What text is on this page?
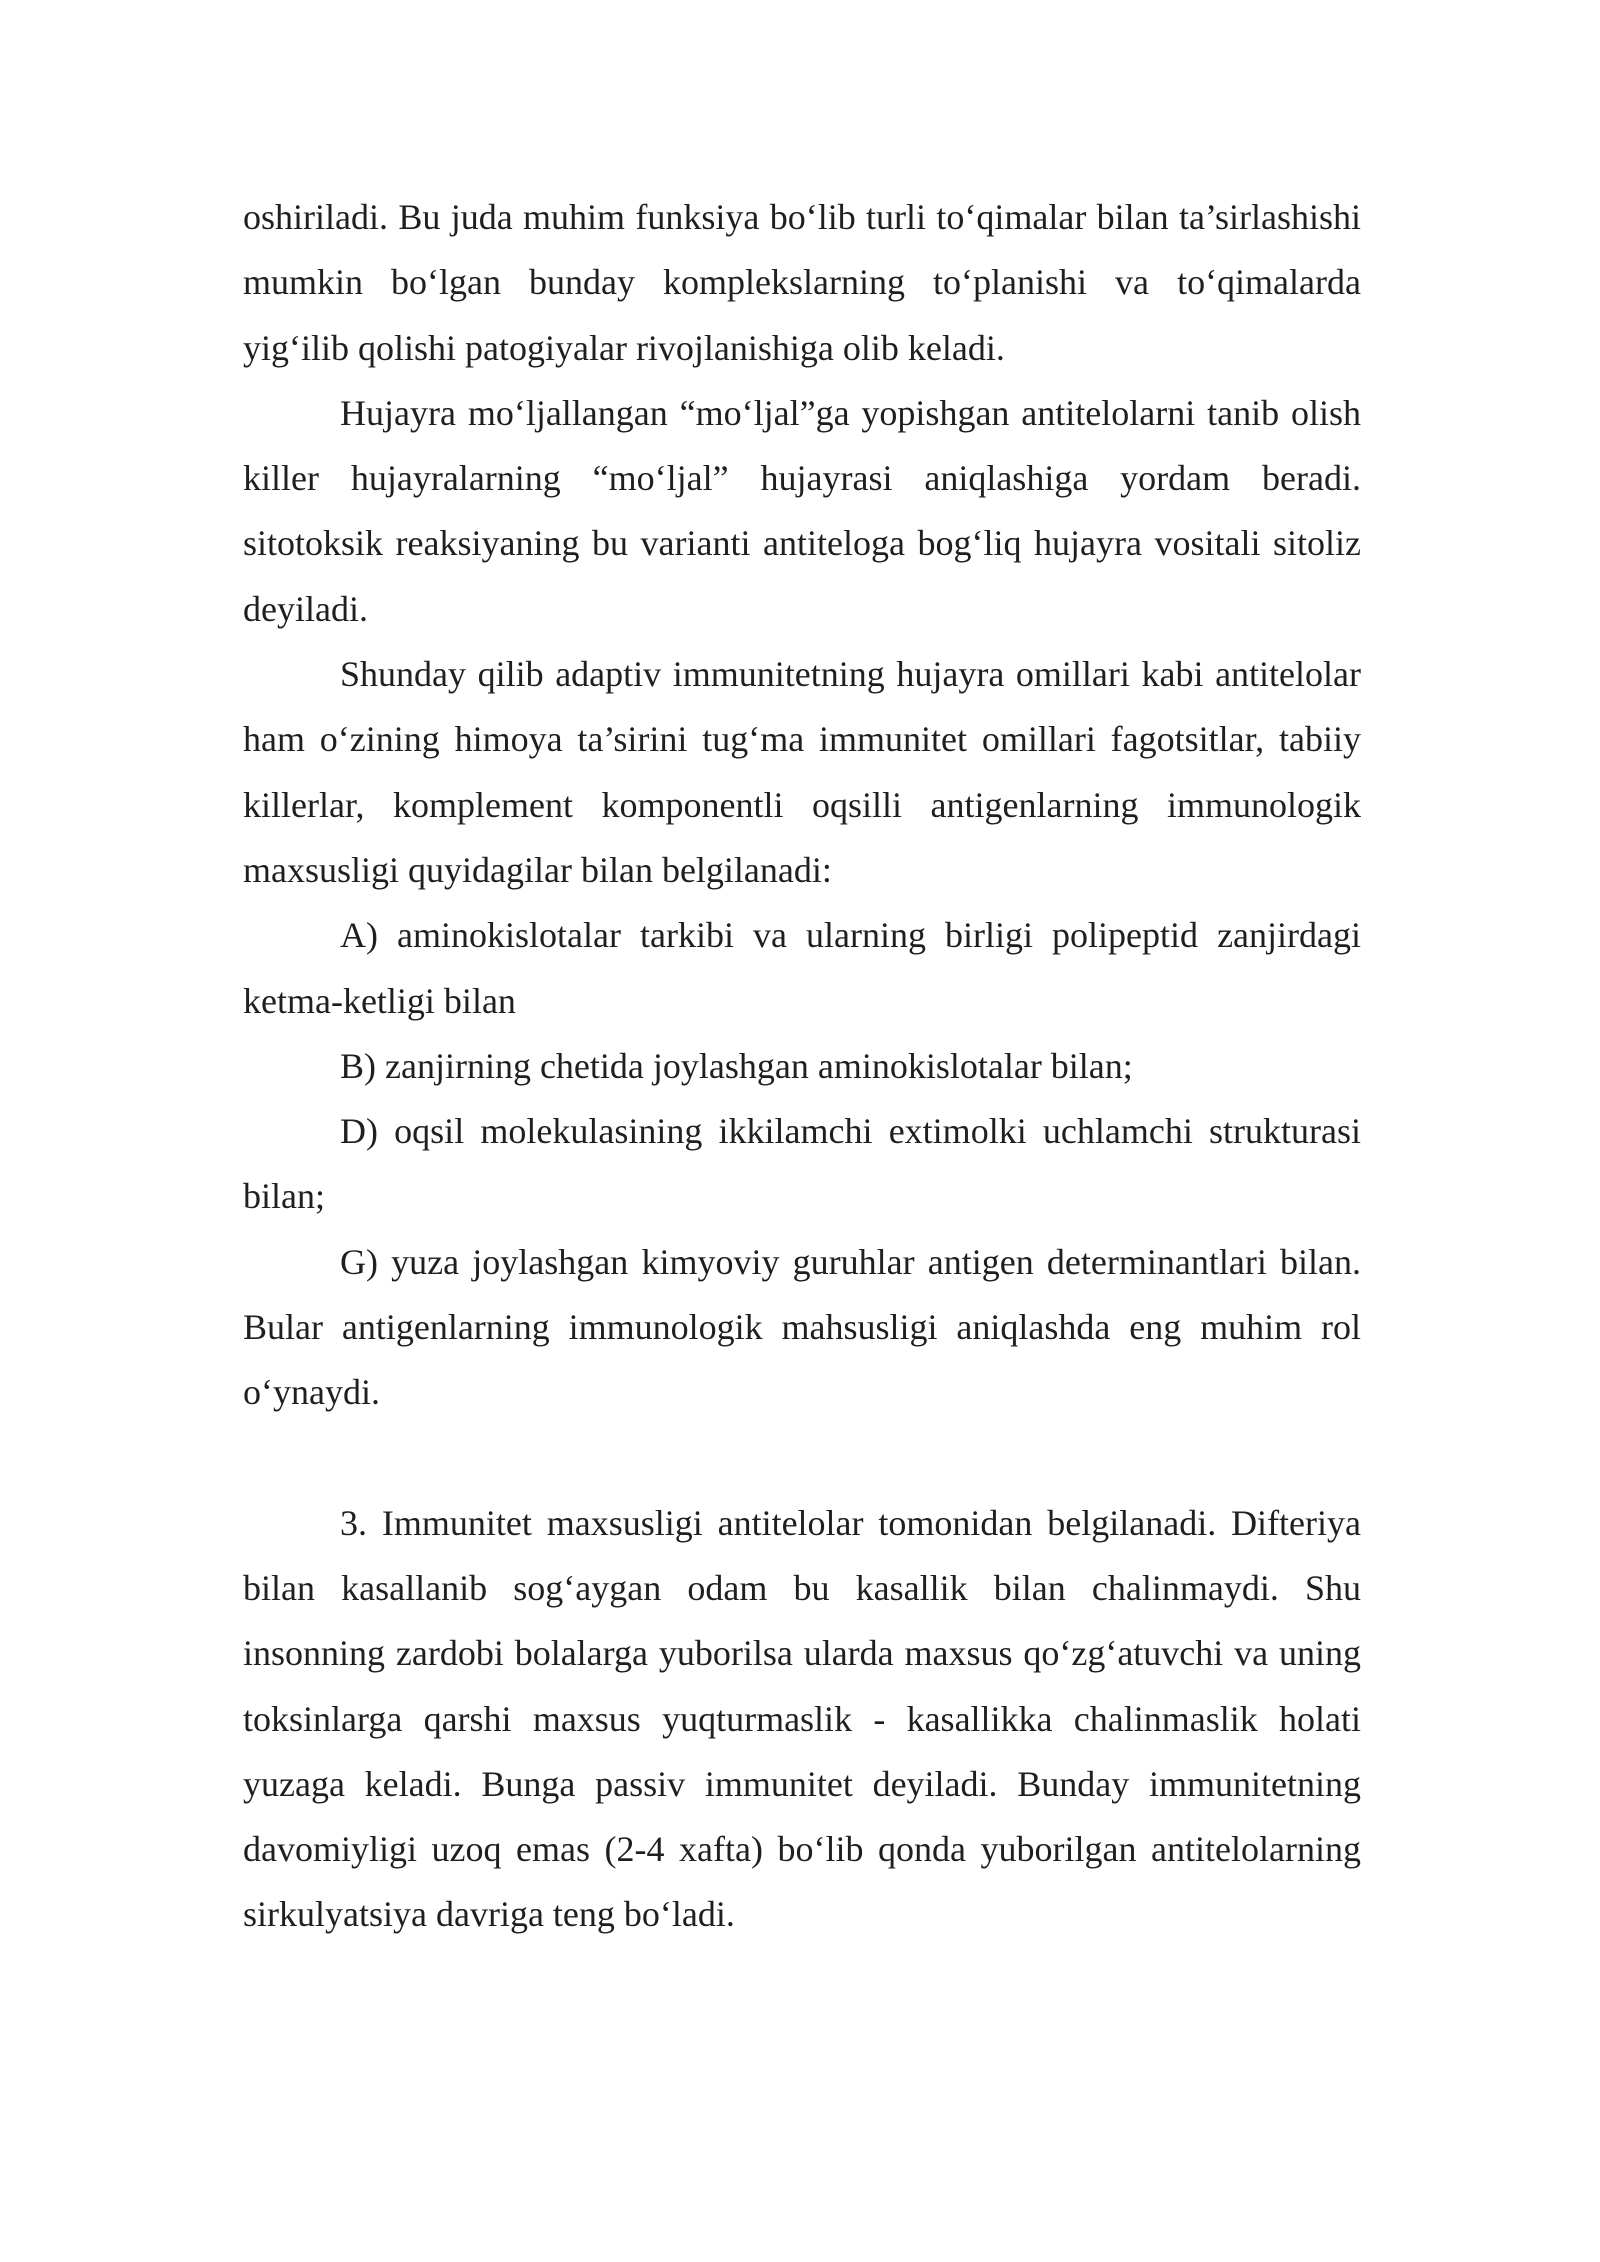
oshiriladi. Bu juda muhim funksiya bo‘lib turli to‘qimalar bilan ta’sirlashishi mumkin bo‘lgan bunday komplekslarning to‘planishi va to‘qimalarda yig‘ilib qolishi patogiyalar rivojlanishiga olib keladi.

Hujayra mo‘ljallangan “mo‘ljal”ga yopishgan antitelolarni tanib olish killer hujayralarning “mo‘ljal” hujayrasi aniqlashiga yordam beradi. sitotoksik reaksiyaning bu varianti antiteloga bog‘liq hujayra vositali sitoliz deyiladi.

Shunday qilib adaptiv immunitetning hujayra omillari kabi antitelolar ham o‘zining himoya ta’sirini tug‘ma immunitet omillari fagotsitlar, tabiiy killerlar, komplement komponentli oqsilli antigenlarning immunologik maxsusligi quyidagilar bilan belgilanadi:

A) aminokislotalar tarkibi va ularning birligi polipeptid zanjirdagi ketma-ketligi bilan

B) zanjirning chetida joylashgan aminokislotalar bilan;

D) oqsil molekulasining ikkilamchi extimolki uchlamchi strukturasi bilan;

G) yuza joylashgan kimyoviy guruhlar antigen determinantlari bilan. Bular antigenlarning immunologik mahsusligi aniqlashda eng muhim rol o‘ynaydi.

3. Immunitet maxsusligi antitelolar tomonidan belgilanadi. Difteriya bilan kasallanib sog‘aygan odam bu kasallik bilan chalinmaydi. Shu insonning zardobi bolalarga yuborilsa ularda maxsus qo‘zg‘atuvchi va uning toksinlarga qarshi maxsus yuqturmaslik - kasallikka chalinmaslik holati yuzaga keladi. Bunga passiv immunitet deyiladi. Bunday immunitetning davomiyligi uzoq emas (2-4 xafta) bo‘lib qonda yuborilgan antitelolarning sirkulyatsiya davriga teng bo‘ladi.
